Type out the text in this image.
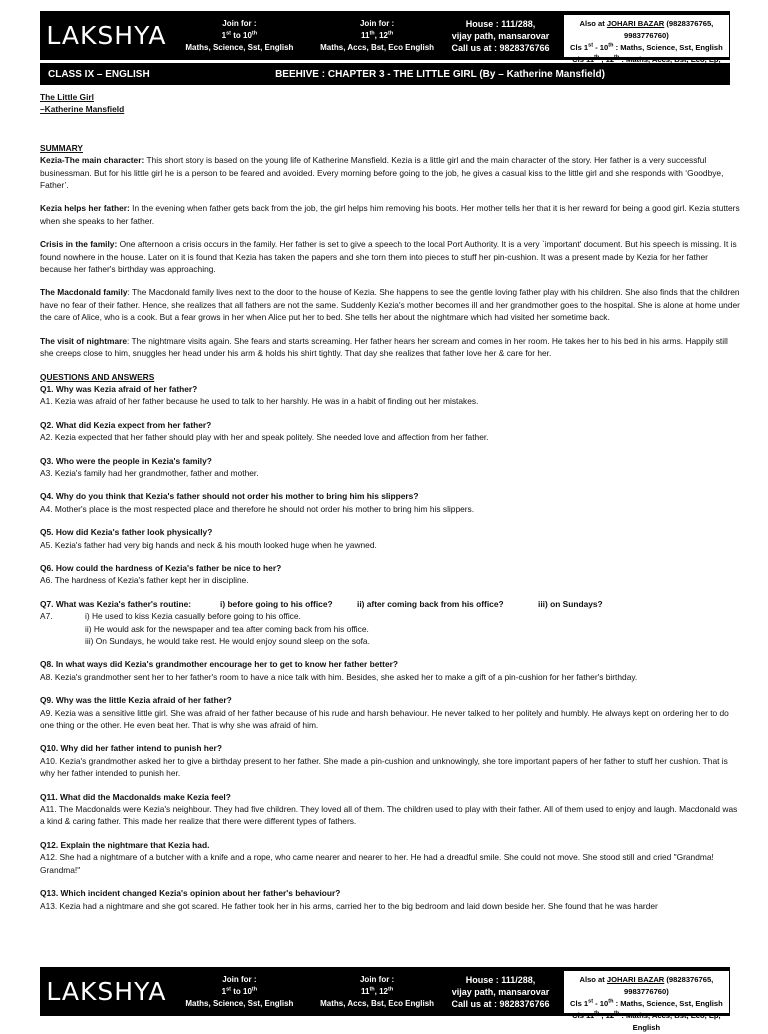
LAKSHYA	Join for :
1st to 10th
Maths, Science, Sst, English
Join for :
11th, 12th
Maths, Accs, Bst, Eco English
House : 111/288,
vijay path, mansarovar
Call us at : 9828376766
Also at JOHARI BAZAR (9828376765, 9983776760)
Cls 1st - 10th : Maths, Science, Sst, English
Cls 11th , 12th : Maths, Accs, Bst, Eco, Ep,
CLASS IX – ENGLISH	BEEHIVE : CHAPTER 3 - THE LITTLE GIRL (By – Katherine Mansfield)

The Little Girl

–Katherine Mansfield

SUMMARY

Kezia-The main character: This short story is based on the young life of Katherine Mansfield. Kezia is a little girl and the main character of the story. Her father is a very successful businessman. But for his little girl he is a person to be feared and avoided. Every morning before going to the job, he gives a casual kiss to the little girl and she responds with ‘Goodbye, Father’.

Kezia helps her father: In the evening when father gets back from the job, the girl helps him removing his boots. Her mother tells her that it is her reward for being a good girl. Kezia stutters when she speaks to her father.

Crisis in the family: One afternoon a crisis occurs in the family. Her father is set to give a speech to the local Port Authority. It is a very `important' document. But his speech is missing. It is found nowhere in the house. Later on it is found that Kezia has taken the papers and she torn them into pieces to stuff her pin-cushion. It was a present made by Kezia for her father because her father's birthday was approaching.

The Macdonald family: The Macdonald family lives next to the door to the house of Kezia. She happens to see the gentle loving father play with his children. She also finds that the children have no fear of their father. Hence, she realizes that all fathers are not the same. Suddenly Kezia's mother becomes ill and her grandmother goes to the hospital. She is alone at home under the care of Alice, who is a cook. But a fear grows in her when Alice put her to bed. She tells her about the nightmare which had visited her sometime back.

The visit of nightmare: The nightmare visits again. She fears and starts screaming. Her father hears her scream and comes in her room. He takes her to his bed in his arms. Happily still she creeps close to him, snuggles her head under his arm & holds his shirt tightly. That day she realizes that father love her & care for her.

QUESTIONS AND ANSWERS

Q1. Why was Kezia afraid of her father?
A1. Kezia was afraid of her father because he used to talk to her harshly. He was in a habit of finding out her mistakes.
Q2. What did Kezia expect from her father?
A2. Kezia expected that her father should play with her and speak politely. She needed love and affection from her father.
Q3. Who were the people in Kezia's family?
A3. Kezia's family had her grandmother, father and mother.
Q4. Why do you think that Kezia's father should not order his mother to bring him his slippers?
A4. Mother's place is the most respected place and therefore he should not order his mother to bring him his slippers.
Q5. How did Kezia's father look physically?
A5. Kezia's father had very big hands and neck & his mouth looked huge when he yawned.
Q6. How could the hardness of Kezia's father be nice to her?
A6. The hardness of Kezia's father kept her in discipline.
Q7. What was Kezia's father's routine:	i) before going to his office?	ii) after coming back from his office?	iii) on Sundays?
A7.	i) He used to kiss Kezia casually before going to his office.
ii) He would ask for the newspaper and tea after coming back from his office.
iii) On Sundays, he would take rest. He would enjoy sound sleep on the sofa.
Q8. In what ways did Kezia's grandmother encourage her to get to know her father better?
A8. Kezia's grandmother sent her to her father's room to have a nice talk with him. Besides, she asked her to make a gift of a pin-cushion for her father's birthday.
Q9. Why was the little Kezia afraid of her father?
A9. Kezia was a sensitive little girl. She was afraid of her father because of his rude and harsh behaviour. He never talked to her politely and humbly. He always kept on ordering her to do one thing or the other. He even beat her. That is why she was afraid of him.
Q10. Why did her father intend to punish her?
A10. Kezia's grandmother asked her to give a birthday present to her father. She made a pin-cushion and unknowingly, she tore important papers of her father to stuff her cushion. That is why her father intended to punish her.
Q11. What did the Macdonalds make Kezia feel?
A11. The Macdonalds were Kezia's neighbour. They had five children. They loved all of them. The children used to play with their father. All of them used to enjoy and laugh. Macdonald was a kind & caring father. This made her realize that there were different types of fathers.
Q12. Explain the nightmare that Kezia had.
A12. She had a nightmare of a butcher with a knife and a rope, who came nearer and nearer to her. He had a dreadful smile. She could not move. She stood still and cried "Grandma! Grandma!"
Q13. Which incident changed Kezia's opinion about her father's behaviour?
A13. Kezia had a nightmare and she got scared. He father took her in his arms, carried her to the big bedroom and laid down beside her. She found that he was harder
LAKSHYA	Join for :
1st to 10th
Maths, Science, Sst, English
Join for :
11th, 12th
Maths, Accs, Bst, Eco English
House : 111/288,
vijay path, mansarovar
Call us at : 9828376766
Also at JOHARI BAZAR (9828376765, 9983776760)
Cls 1st - 10th : Maths, Science, Sst, English
Cls 11th , 12th : Maths, Accs, Bst, Eco, Ep, English
